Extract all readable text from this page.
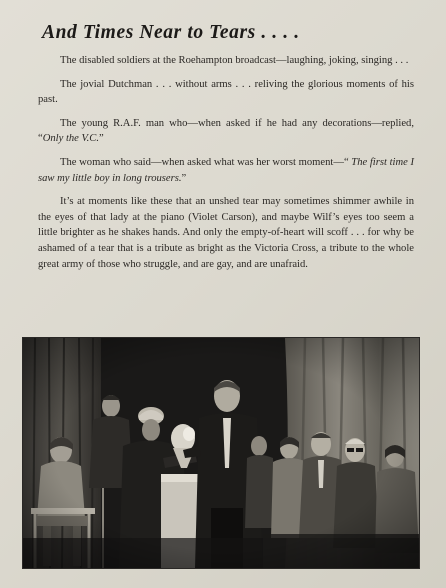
And Times Near to Tears . . . .

The disabled soldiers at the Roehampton broadcast—laughing, joking, singing . . .

The jovial Dutchman . . . without arms . . . reliving the glorious moments of his past.

The young R.A.F. man who—when asked if he had any decorations—replied, “Only the V.C.”

The woman who said—when asked what was her worst moment—“ The first time I saw my little boy in long trousers.”

It’s at moments like these that an unshed tear may sometimes shimmer awhile in the eyes of that lady at the piano (Violet Carson), and maybe Wilf’s eyes too seem a little brighter as he shakes hands. And only the empty-of-heart will scoff . . . for why be ashamed of a tear that is a tribute as bright as the Victoria Cross, a tribute to the whole great army of those who struggle, and are gay, and are unafraid.
